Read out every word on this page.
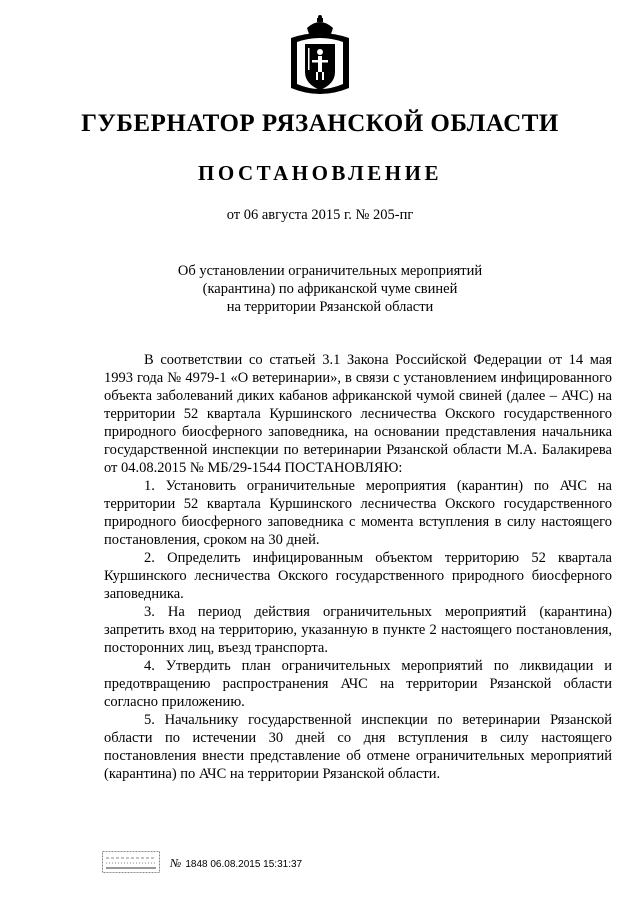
ГУБЕРНАТОР РЯЗАНСКОЙ ОБЛАСТИ
ПОСТАНОВЛЕНИЕ
от 06 августа 2015 г. № 205-пг
Об установлении ограничительных мероприятий
(карантина) по африканской чуме свиней
на территории Рязанской области

В соответствии со статьей 3.1 Закона Российской Федерации от 14 мая 1993 года № 4979-1 «О ветеринарии», в связи с установлением инфицированного объекта заболеваний диких кабанов африканской чумой свиней (далее – АЧС) на территории 52 квартала Куршинского лесничества Окского государственного природного биосферного заповедника, на основании представления начальника государственной инспекции по ветеринарии Рязанской области М.А. Балакирева от 04.08.2015 № МБ/29-1544 ПОСТАНОВЛЯЮ:

1. Установить ограничительные мероприятия (карантин) по АЧС на территории 52 квартала Куршинского лесничества Окского государственного природного биосферного заповедника с момента вступления в силу настоящего постановления, сроком на 30 дней.

2. Определить инфицированным объектом территорию 52 квартала Куршинского лесничества Окского государственного природного биосферного заповедника.

3. На период действия ограничительных мероприятий (карантина) запретить вход на территорию, указанную в пункте 2 настоящего постановления, посторонних лиц, въезд транспорта.

4. Утвердить план ограничительных мероприятий по ликвидации и предотвращению распространения АЧС на территории Рязанской области согласно приложению.

5. Начальнику государственной инспекции по ветеринарии Рязанской области по истечении 30 дней со дня вступления в силу настоящего постановления внести представление об отмене ограничительных мероприятий (карантина) по АЧС на территории Рязанской области.

№ 1848 06.08.2015 15:31:37
